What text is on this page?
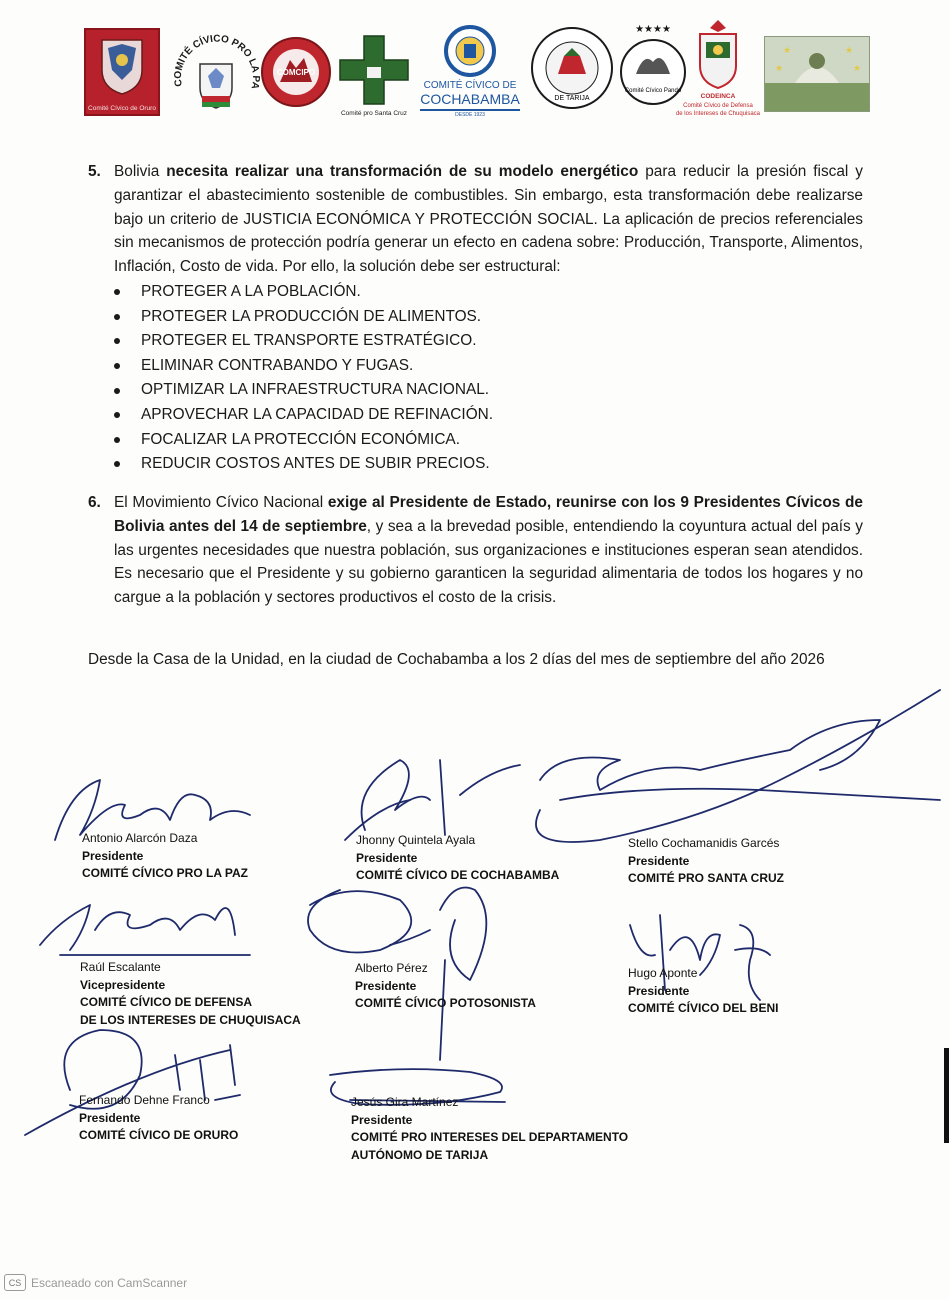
Comité Cívico de Oruro
COMITÉ CÍVICO PRO LA PA
COMCIPO
Comité pro Santa Cruz
COMITÉ CÍVICO DE
COCHABAMBA
DESDE 1923
DE TARIJA
★★★★
Comité Cívico Pando
CODEINCA
Comité Cívico de Defensa
de los Intereses de Chuquisaca
★	★
★	★
5. Bolivia necesita realizar una transformación de su modelo energético para reducir la presión fiscal y garantizar el abastecimiento sostenible de combustibles. Sin embargo, esta transformación debe realizarse bajo un criterio de JUSTICIA ECONÓMICA Y PROTECCIÓN SOCIAL. La aplicación de precios referenciales sin mecanismos de protección podría generar un efecto en cadena sobre: Producción, Transporte, Alimentos, Inflación, Costo de vida. Por ello, la solución debe ser estructural:
PROTEGER A LA POBLACIÓN.
PROTEGER LA PRODUCCIÓN DE ALIMENTOS.
PROTEGER EL TRANSPORTE ESTRATÉGICO.
ELIMINAR CONTRABANDO Y FUGAS.
OPTIMIZAR LA INFRAESTRUCTURA NACIONAL.
APROVECHAR LA CAPACIDAD DE REFINACIÓN.
FOCALIZAR LA PROTECCIÓN ECONÓMICA.
REDUCIR COSTOS ANTES DE SUBIR PRECIOS.
6. El Movimiento Cívico Nacional exige al Presidente de Estado, reunirse con los 9 Presidentes Cívicos de Bolivia antes del 14 de septiembre, y sea a la brevedad posible, entendiendo la coyuntura actual del país y las urgentes necesidades que nuestra población, sus organizaciones e instituciones esperan sean atendidos. Es necesario que el Presidente y su gobierno garanticen la seguridad alimentaria de todos los hogares y no cargue a la población y sectores productivos el costo de la crisis.
Desde la Casa de la Unidad, en la ciudad de Cochabamba a los 2 días del mes de septiembre del año 2026
Antonio Alarcón Daza
Presidente
COMITÉ CÍVICO PRO LA PAZ
Jhonny Quintela Ayala
Presidente
COMITÉ CÍVICO DE COCHABAMBA
Stello Cochamanidis Garcés
Presidente
COMITÉ PRO SANTA CRUZ
Raúl Escalante
Vicepresidente
COMITÉ CÍVICO DE DEFENSA
DE LOS INTERESES DE CHUQUISACA
Alberto Pérez
Presidente
COMITÉ CÍVICO POTOSONISTA
Hugo Aponte
Presidente
COMITÉ CÍVICO DEL BENI
Fernando Dehne Franco
Presidente
COMITÉ CÍVICO DE ORURO
Jesús Gira Martínez
Presidente
COMITÉ PRO INTERESES DEL DEPARTAMENTO
AUTÓNOMO DE TARIJA
CS Escaneado con CamScanner
